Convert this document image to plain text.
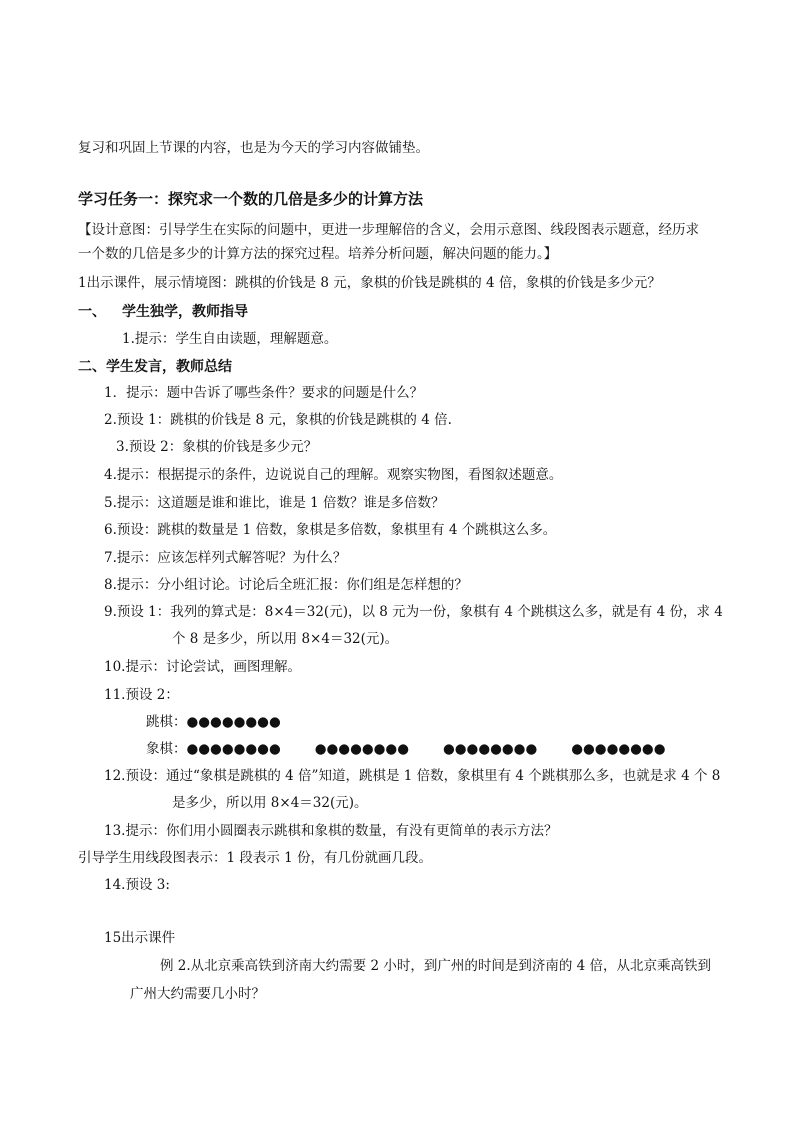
复习和巩固上节课的内容，也是为今天的学习内容做铺垫。
学习任务一：探究求一个数的几倍是多少的计算方法
【设计意图：引导学生在实际的问题中，更进一步理解倍的含义，会用示意图、线段图表示题意，经历求
一个数的几倍是多少的计算方法的探究过程。培养分析问题，解决问题的能力。】
1出示课件，展示情境图：跳棋的价钱是 8 元，象棋的价钱是跳棋的 4 倍，象棋的价钱是多少元？
一、 学生独学，教师指导
1.提示：学生自由读题，理解题意。
二、学生发言，教师总结
1．提示：题中告诉了哪些条件？要求的问题是什么？
2.预设 1：跳棋的价钱是 8 元，象棋的价钱是跳棋的 4 倍.
3.预设 2：象棋的价钱是多少元？
4.提示：根据提示的条件，边说说自己的理解。观察实物图，看图叙述题意。
5.提示：这道题是谁和谁比，谁是 1 倍数？谁是多倍数？
6.预设：跳棋的数量是 1 倍数，象棋是多倍数，象棋里有 4 个跳棋这么多。
7.提示：应该怎样列式解答呢？为什么？
8.提示：分小组讨论。讨论后全班汇报：你们组是怎样想的？
9.预设 1：我列的算式是：8×4＝32(元)，以 8 元为一份，象棋有 4 个跳棋这么多，就是有 4 份，求 4
个 8 是多少，所以用 8×4＝32(元)。
10.提示：讨论尝试，画图理解。
11.预设 2：
跳棋：●●●●●●●●
象棋：●●●●●●●●	●●●●●●●●	●●●●●●●●	●●●●●●●●
12.预设：通过“象棋是跳棋的 4 倍”知道，跳棋是 1 倍数，象棋里有 4 个跳棋那么多，也就是求 4 个 8
是多少，所以用 8×4＝32(元)。
13.提示：你们用小圆圈表示跳棋和象棋的数量，有没有更简单的表示方法？
引导学生用线段图表示：1 段表示 1 份，有几份就画几段。
14.预设 3:
15出示课件
例 2.从北京乘高铁到济南大约需要 2 小时，到广州的时间是到济南的 4 倍，从北京乘高铁到
广州大约需要几小时？
